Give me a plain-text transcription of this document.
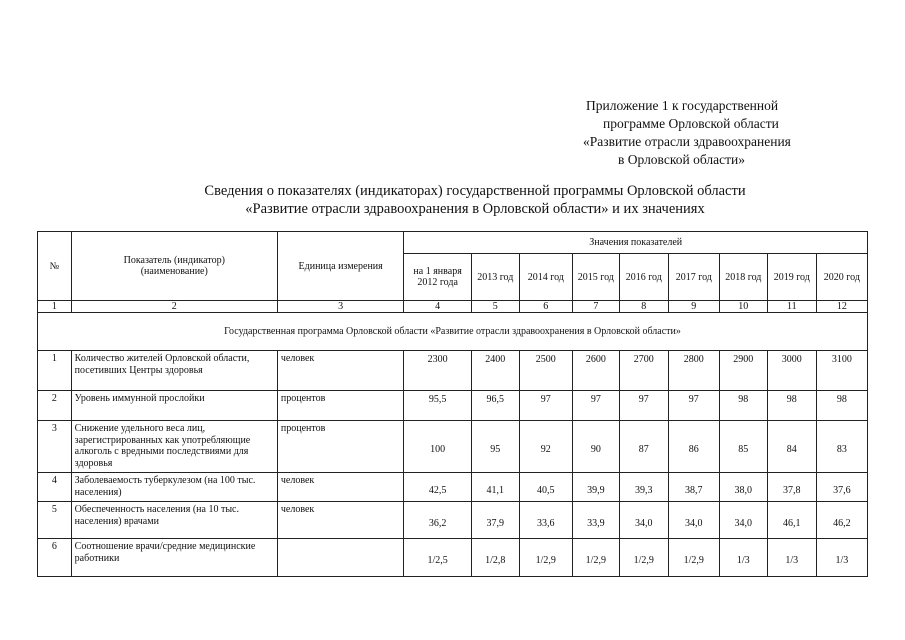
Приложение 1 к государственной
программе Орловской области
«Развитие отрасли здравоохранения
в Орловской области»
Сведения о показателях (индикаторах) государственной программы Орловской области
«Развитие отрасли здравоохранения в Орловской области» и их значениях
№	Показатель (индикатор) (наименование)	Единица измерения	Значения показателей								
			на 1 января 2012 года	2013 год	2014 год	2015 год	2016 год	2017 год	2018 год	2019 год	2020 год
1	2	3	4	5	6	7	8	9	10	11	12
Государственная программа Орловской области «Развитие отрасли здравоохранения в Орловской области»											
1	Количество жителей Орловской области, посетивших Центры здоровья	человек	2300	2400	2500	2600	2700	2800	2900	3000	3100
2	Уровень иммунной прослойки	процентов	95,5	96,5	97	97	97	97	98	98	98
3	Снижение удельного веса лиц, зарегистрированных как употребляющие алкоголь с вредными последствиями для здоровья	процентов	100	95	92	90	87	86	85	84	83
4	Заболеваемость туберкулезом (на 100 тыс. населения)	человек	42,5	41,1	40,5	39,9	39,3	38,7	38,0	37,8	37,6
5	Обеспеченность населения (на 10 тыс. населения) врачами	человек	36,2	37,9	33,6	33,9	34,0	34,0	34,0	46,1	46,2
6	Соотношение врачи/средние медицинские работники		1/2,5	1/2,8	1/2,9	1/2,9	1/2,9	1/2,9	1/3	1/3	1/3
